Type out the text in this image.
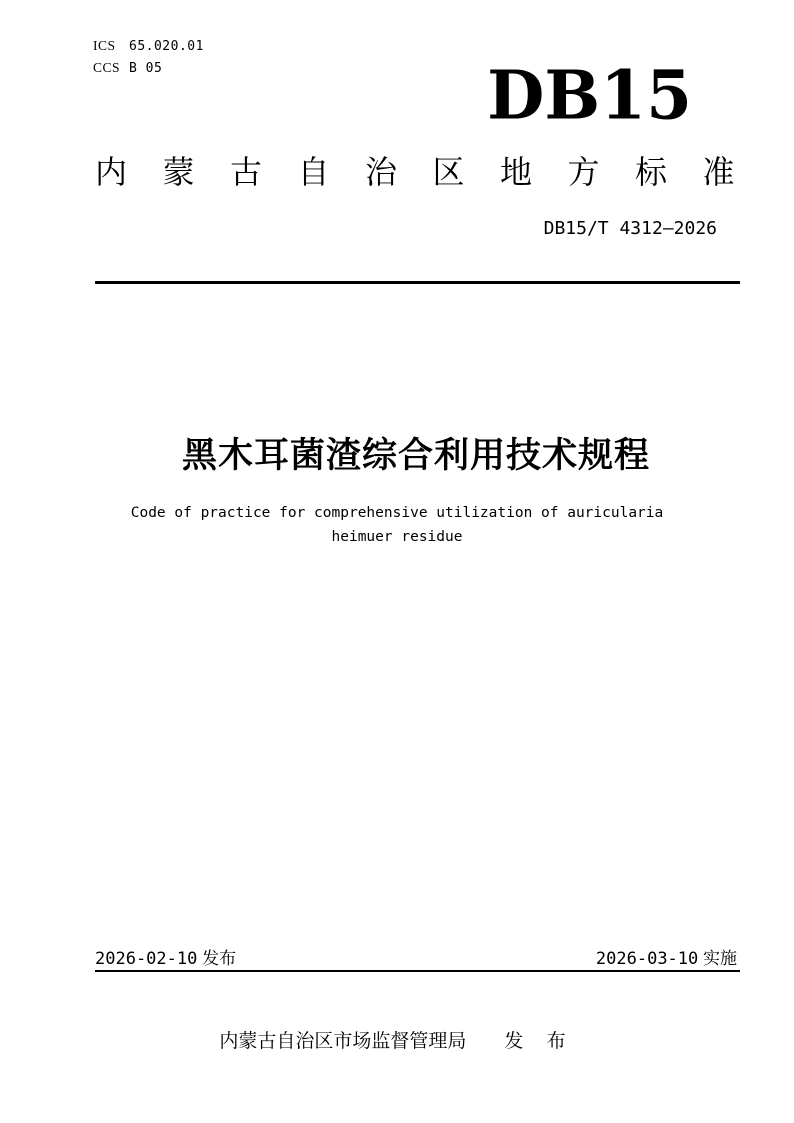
ICS 65.020.01
CCS B 05	DB15
内蒙古自治区地方标准
DB15/T 4312—2026
黑木耳菌渣综合利用技术规程
Code of practice for comprehensive utilization of auricularia
heimuer residue
2026-02-10 发布	2026-03-10 实施
内蒙古自治区市场监督管理局 发 布
